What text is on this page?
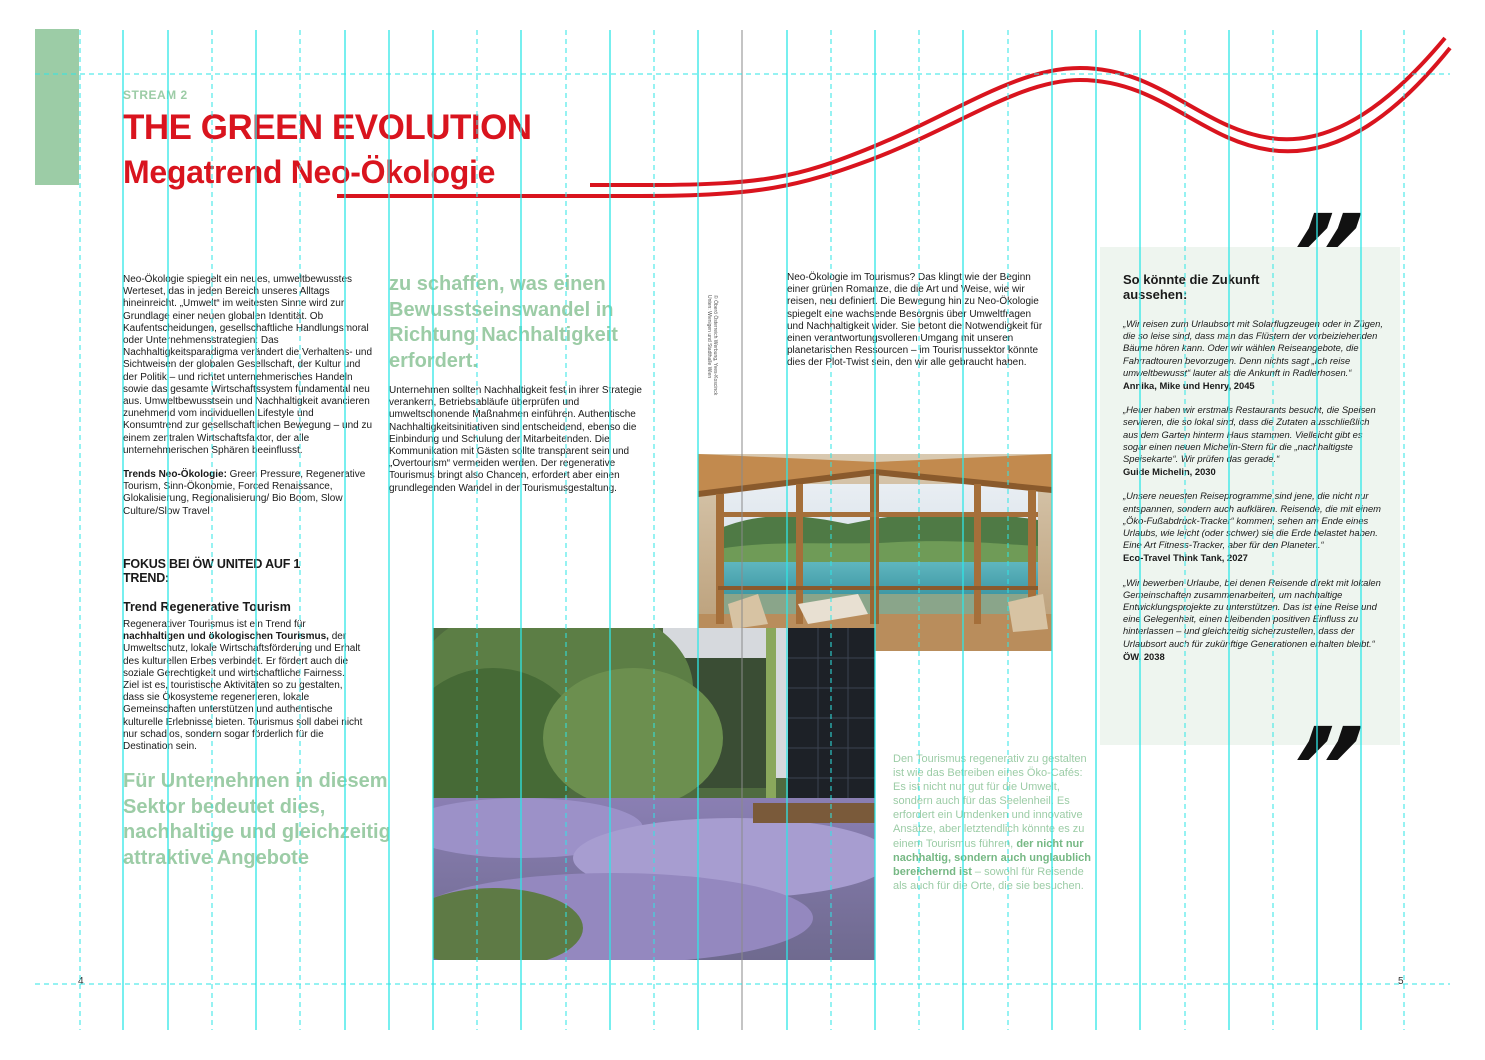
STREAM 2
THE GREEN EVOLUTION
Megatrend Neo-Ökologie

Neo-Ökologie spiegelt ein neues, umweltbewusstes Werteset, das in jeden Bereich unseres Alltags hineinreicht. „Umwelt“ im weitesten Sinne wird zur Grundlage einer neuen globalen Identität. Ob Kaufentscheidungen, gesellschaftliche Handlungsmoral oder Unternehmensstrategien: Das Nachhaltigkeitsparadigma verändert die Verhaltens- und Sichtweisen der globalen Gesellschaft, der Kultur und der Politik – und richtet unternehmerisches Handeln sowie das gesamte Wirtschaftssystem fundamental neu aus. Umweltbewusstsein und Nachhaltigkeit avancieren zunehmend vom individuellen Lifestyle und Konsumtrend zur gesellschaftlichen Bewegung – und zu einem zentralen Wirtschaftsfaktor, der alle unternehmerischen Sphären beeinflusst.

Trends Neo-Ökologie: Green Pressure, Regenerative Tourism, Sinn-Ökonomie, Forced Renaissance, Glokalisierung, Regionalisierung/ Bio Boom, Slow Culture/Slow Travel

FOKUS BEI ÖW UNITED AUF 1 TREND:
Trend Regenerative Tourism
Regenerativer Tourismus ist ein Trend für nachhaltigen und ökologischen Tourismus, der Umweltschutz, lokale Wirtschaftsförderung und Erhalt des kulturellen Erbes verbindet. Er fördert auch die soziale Gerechtigkeit und wirtschaftliche Fairness. Ziel ist es, touristische Aktivitäten so zu gestalten, dass sie Ökosysteme regenerieren, lokale Gemeinschaften unterstützen und authentische kulturelle Erlebnisse bieten. Tourismus soll dabei nicht nur schadlos, sondern sogar förderlich für die Destination sein.
Für Unternehmen in diesem Sektor bedeutet dies, nachhaltige und gleichzeitig attraktive Angebote
zu schaffen, was einen Bewusstseinswandel in Richtung Nachhaltigkeit erfordert.
Unternehmen sollten Nachhaltigkeit fest in ihrer Strategie verankern, Betriebsabläufe überprüfen und umweltschonende Maßnahmen einführen. Authentische Nachhaltigkeitsinitiativen sind entscheidend, ebenso die Einbindung und Schulung der Mitarbeitenden. Die Kommunikation mit Gästen sollte transparent sein und „Overtourism“ vermeiden werden. Der regenerative Tourismus bringt also Chancen, erfordert aber einen grundlegenden Wandel in der Tourismusgestaltung.
Neo-Ökologie im Tourismus? Das klingt wie der Beginn einer grünen Romanze, die die Art und Weise, wie wir reisen, neu definiert. Die Bewegung hin zu Neo-Ökologie spiegelt eine wachsende Besorgnis über Umweltfragen und Nachhaltigkeit wider. Sie betont die Notwendigkeit für einen verantwortungsvolleren Umgang mit unseren planetarischen Ressourcen – im Tourismussektor könnte dies der Plot-Twist sein, den wir alle gebraucht haben.
© Öberö Österreich Werbung, Yves-Koscinck
Unten: Wienigen und Stadthalle Wien
Den Tourismus regenerativ zu gestalten ist wie das Betreiben eines Öko-Cafés: Es ist nicht nur gut für die Umwelt, sondern auch für das Seelenheil. Es erfordert ein Umdenken und innovative Ansätze, aber letztendlich könnte es zu einem Tourismus führen, der nicht nur nachhaltig, sondern auch unglaublich bereichernd ist – sowohl für Reisende als auch für die Orte, die sie besuchen.
So könnte die Zukunft aussehen:
„Wir reisen zum Urlaubsort mit Solarflugzeugen oder in Zügen, die so leise sind, dass man das Flüstern der vorbeiziehenden Bäume hören kann. Oder wir wählen Reiseangebote, die Fahrradtouren bevorzugen. Denn nichts sagt „Ich reise umweltbewusst“ lauter als die Ankunft in Radlerhosen.“
Annika, Mike und Henry, 2045
„Heuer haben wir erstmals Restaurants besucht, die Speisen servieren, die so lokal sind, dass die Zutaten ausschließlich aus dem Garten hinterm Haus stammen. Vielleicht gibt es sogar einen neuen Michelin-Stern für die „nachhaltigste Speisekarte“. Wir prüfen das gerade.“
Guide Michelin, 2030
„Unsere neuesten Reiseprogramme sind jene, die nicht nur entspannen, sondern auch aufklären. Reisende, die mit einem „Öko-Fußabdruck-Tracker“ kommen, sehen am Ende eines Urlaubs, wie leicht (oder schwer) sie die Erde belastet haben. Eine Art Fitness-Tracker, aber für den Planeten.“
Eco-Travel Think Tank, 2027
„Wir bewerben Urlaube, bei denen Reisende direkt mit lokalen Gemeinschaften zusammenarbeiten, um nachhaltige Entwicklungsprojekte zu unterstützen. Das ist eine Reise und eine Gelegenheit, einen bleibenden positiven Einfluss zu hinterlassen – und gleichzeitig sicherzustellen, dass der Urlaubsort auch für zukünftige Generationen erhalten bleibt.“
ÖW, 2038
”
”
4	5
